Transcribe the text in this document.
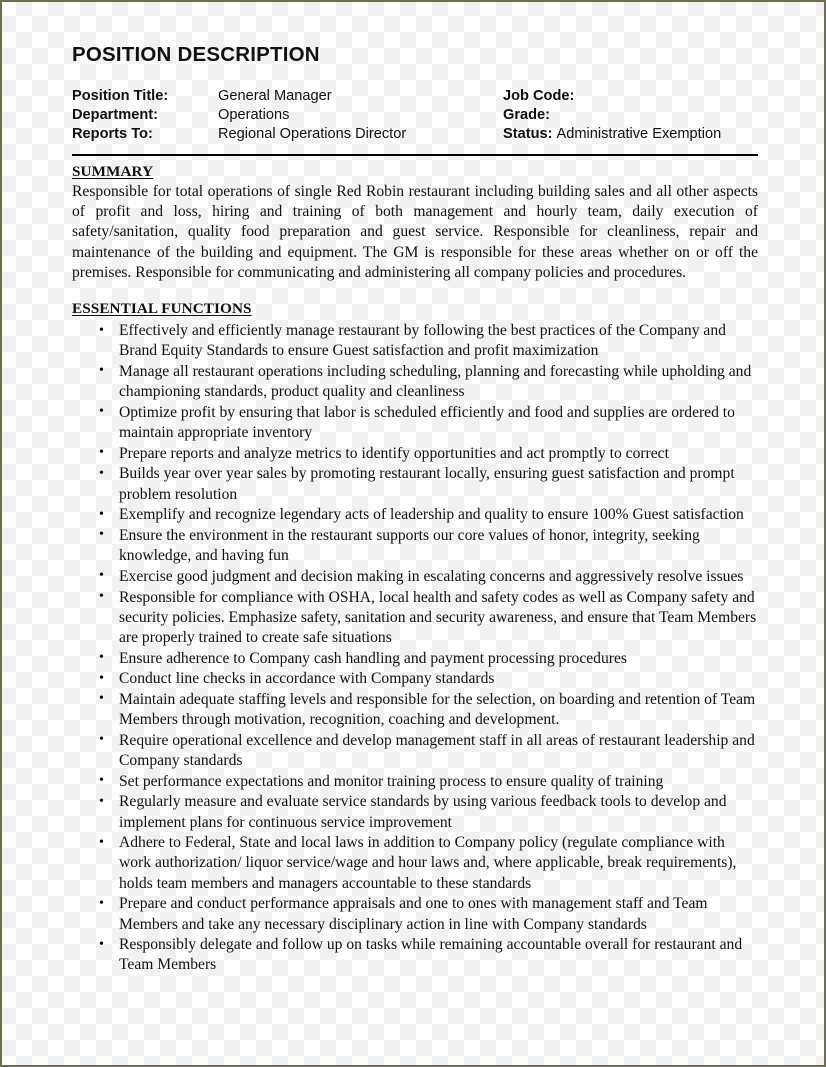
POSITION DESCRIPTION
Position Title:	General Manager	Job Code:
Department:	Operations	Grade:
Reports To:	Regional Operations Director	Status: Administrative Exemption
SUMMARY

Responsible for total operations of single Red Robin restaurant including building sales and all other aspects of profit and loss, hiring and training of both management and hourly team, daily execution of safety/sanitation, quality food preparation and guest service. Responsible for cleanliness, repair and maintenance of the building and equipment. The GM is responsible for these areas whether on or off the premises. Responsible for communicating and administering all company policies and procedures.

ESSENTIAL FUNCTIONS
• Effectively and efficiently manage restaurant by following the best practices of the Company and Brand Equity Standards to ensure Guest satisfaction and profit maximization
• Manage all restaurant operations including scheduling, planning and forecasting while upholding and championing standards, product quality and cleanliness
• Optimize profit by ensuring that labor is scheduled efficiently and food and supplies are ordered to maintain appropriate inventory
• Prepare reports and analyze metrics to identify opportunities and act promptly to correct
• Builds year over year sales by promoting restaurant locally, ensuring guest satisfaction and prompt problem resolution
• Exemplify and recognize legendary acts of leadership and quality to ensure 100% Guest satisfaction
• Ensure the environment in the restaurant supports our core values of honor, integrity, seeking knowledge, and having fun
• Exercise good judgment and decision making in escalating concerns and aggressively resolve issues
• Responsible for compliance with OSHA, local health and safety codes as well as Company safety and security policies. Emphasize safety, sanitation and security awareness, and ensure that Team Members are properly trained to create safe situations
• Ensure adherence to Company cash handling and payment processing procedures
• Conduct line checks in accordance with Company standards
• Maintain adequate staffing levels and responsible for the selection, on boarding and retention of Team Members through motivation, recognition, coaching and development.
• Require operational excellence and develop management staff in all areas of restaurant leadership and Company standards
• Set performance expectations and monitor training process to ensure quality of training
• Regularly measure and evaluate service standards by using various feedback tools to develop and implement plans for continuous service improvement
• Adhere to Federal, State and local laws in addition to Company policy (regulate compliance with work authorization/ liquor service/wage and hour laws and, where applicable, break requirements), holds team members and managers accountable to these standards
• Prepare and conduct performance appraisals and one to ones with management staff and Team Members and take any necessary disciplinary action in line with Company standards
• Responsibly delegate and follow up on tasks while remaining accountable overall for restaurant and Team Members
